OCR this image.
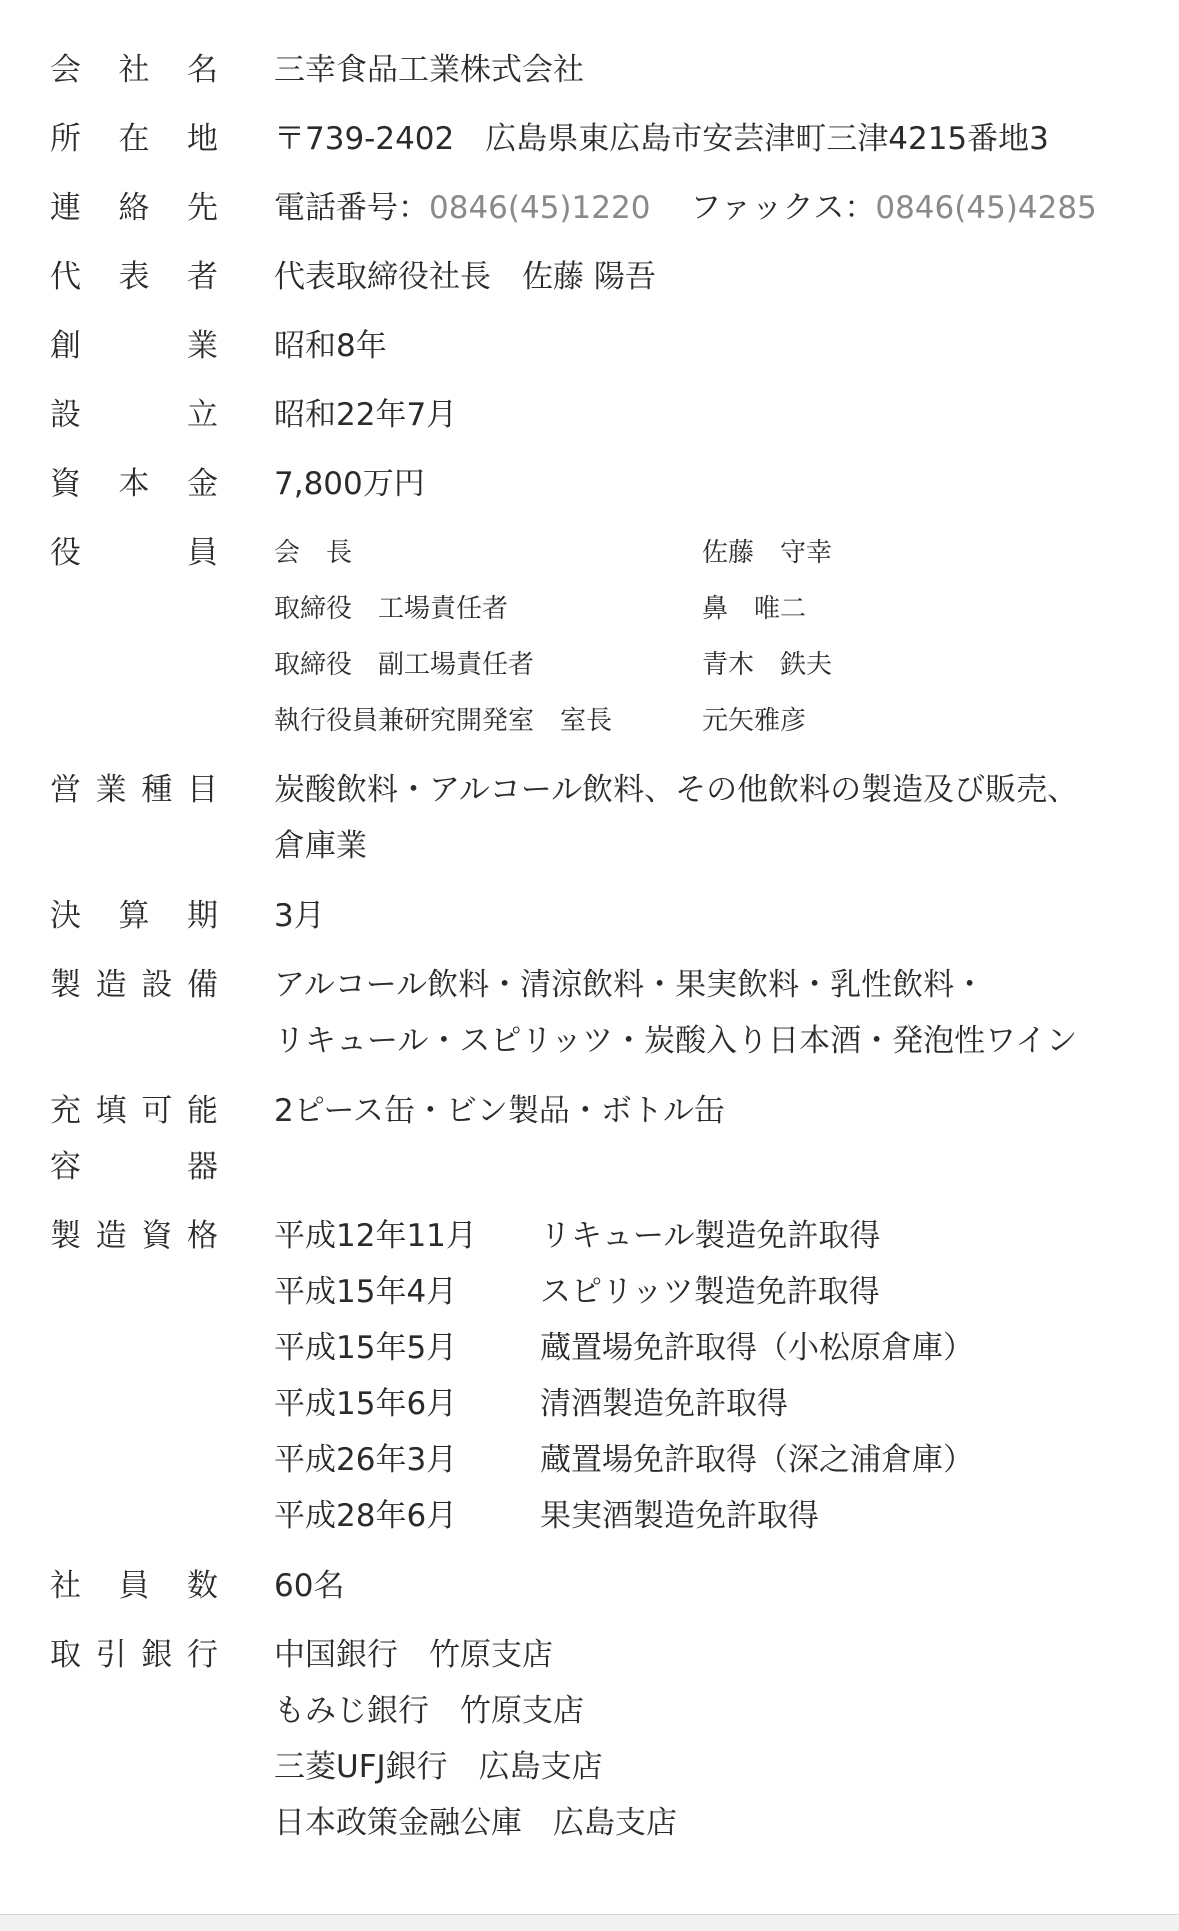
会社名 三幸食品工業株式会社
所在地 〒739-2402　広島県東広島市安芸津町三津4215番地3
連絡先 電話番号：0846(45)1220 ファックス：0846(45)4285
代表者 代表取締役社長　佐藤 陽吾
創業 昭和8年
設立 昭和22年7月
資本金 7,800万円
役員 会　長	佐藤　守幸
取締役　工場責任者	鼻　唯二
取締役　副工場責任者	青木　鉄夫
執行役員兼研究開発室　室長	元矢雅彦
営業種目 炭酸飲料・アルコール飲料、その他飲料の製造及び販売、
倉庫業
決算期 3月
製造設備 アルコール飲料・清涼飲料・果実飲料・乳性飲料・
リキュール・スピリッツ・炭酸入り日本酒・発泡性ワイン
充填可能
容器
2ピース缶・ビン製品・ボトル缶
製造資格 平成12年11月 リキュール製造免許取得
平成15年4月	スピリッツ製造免許取得
平成15年5月	蔵置場免許取得（小松原倉庫）
平成15年6月	清酒製造免許取得
平成26年3月	蔵置場免許取得（深之浦倉庫）
平成28年6月	果実酒製造免許取得
社員数 60名
取引銀行 中国銀行　竹原支店
もみじ銀行　竹原支店
三菱UFJ銀行　広島支店
日本政策金融公庫　広島支店
